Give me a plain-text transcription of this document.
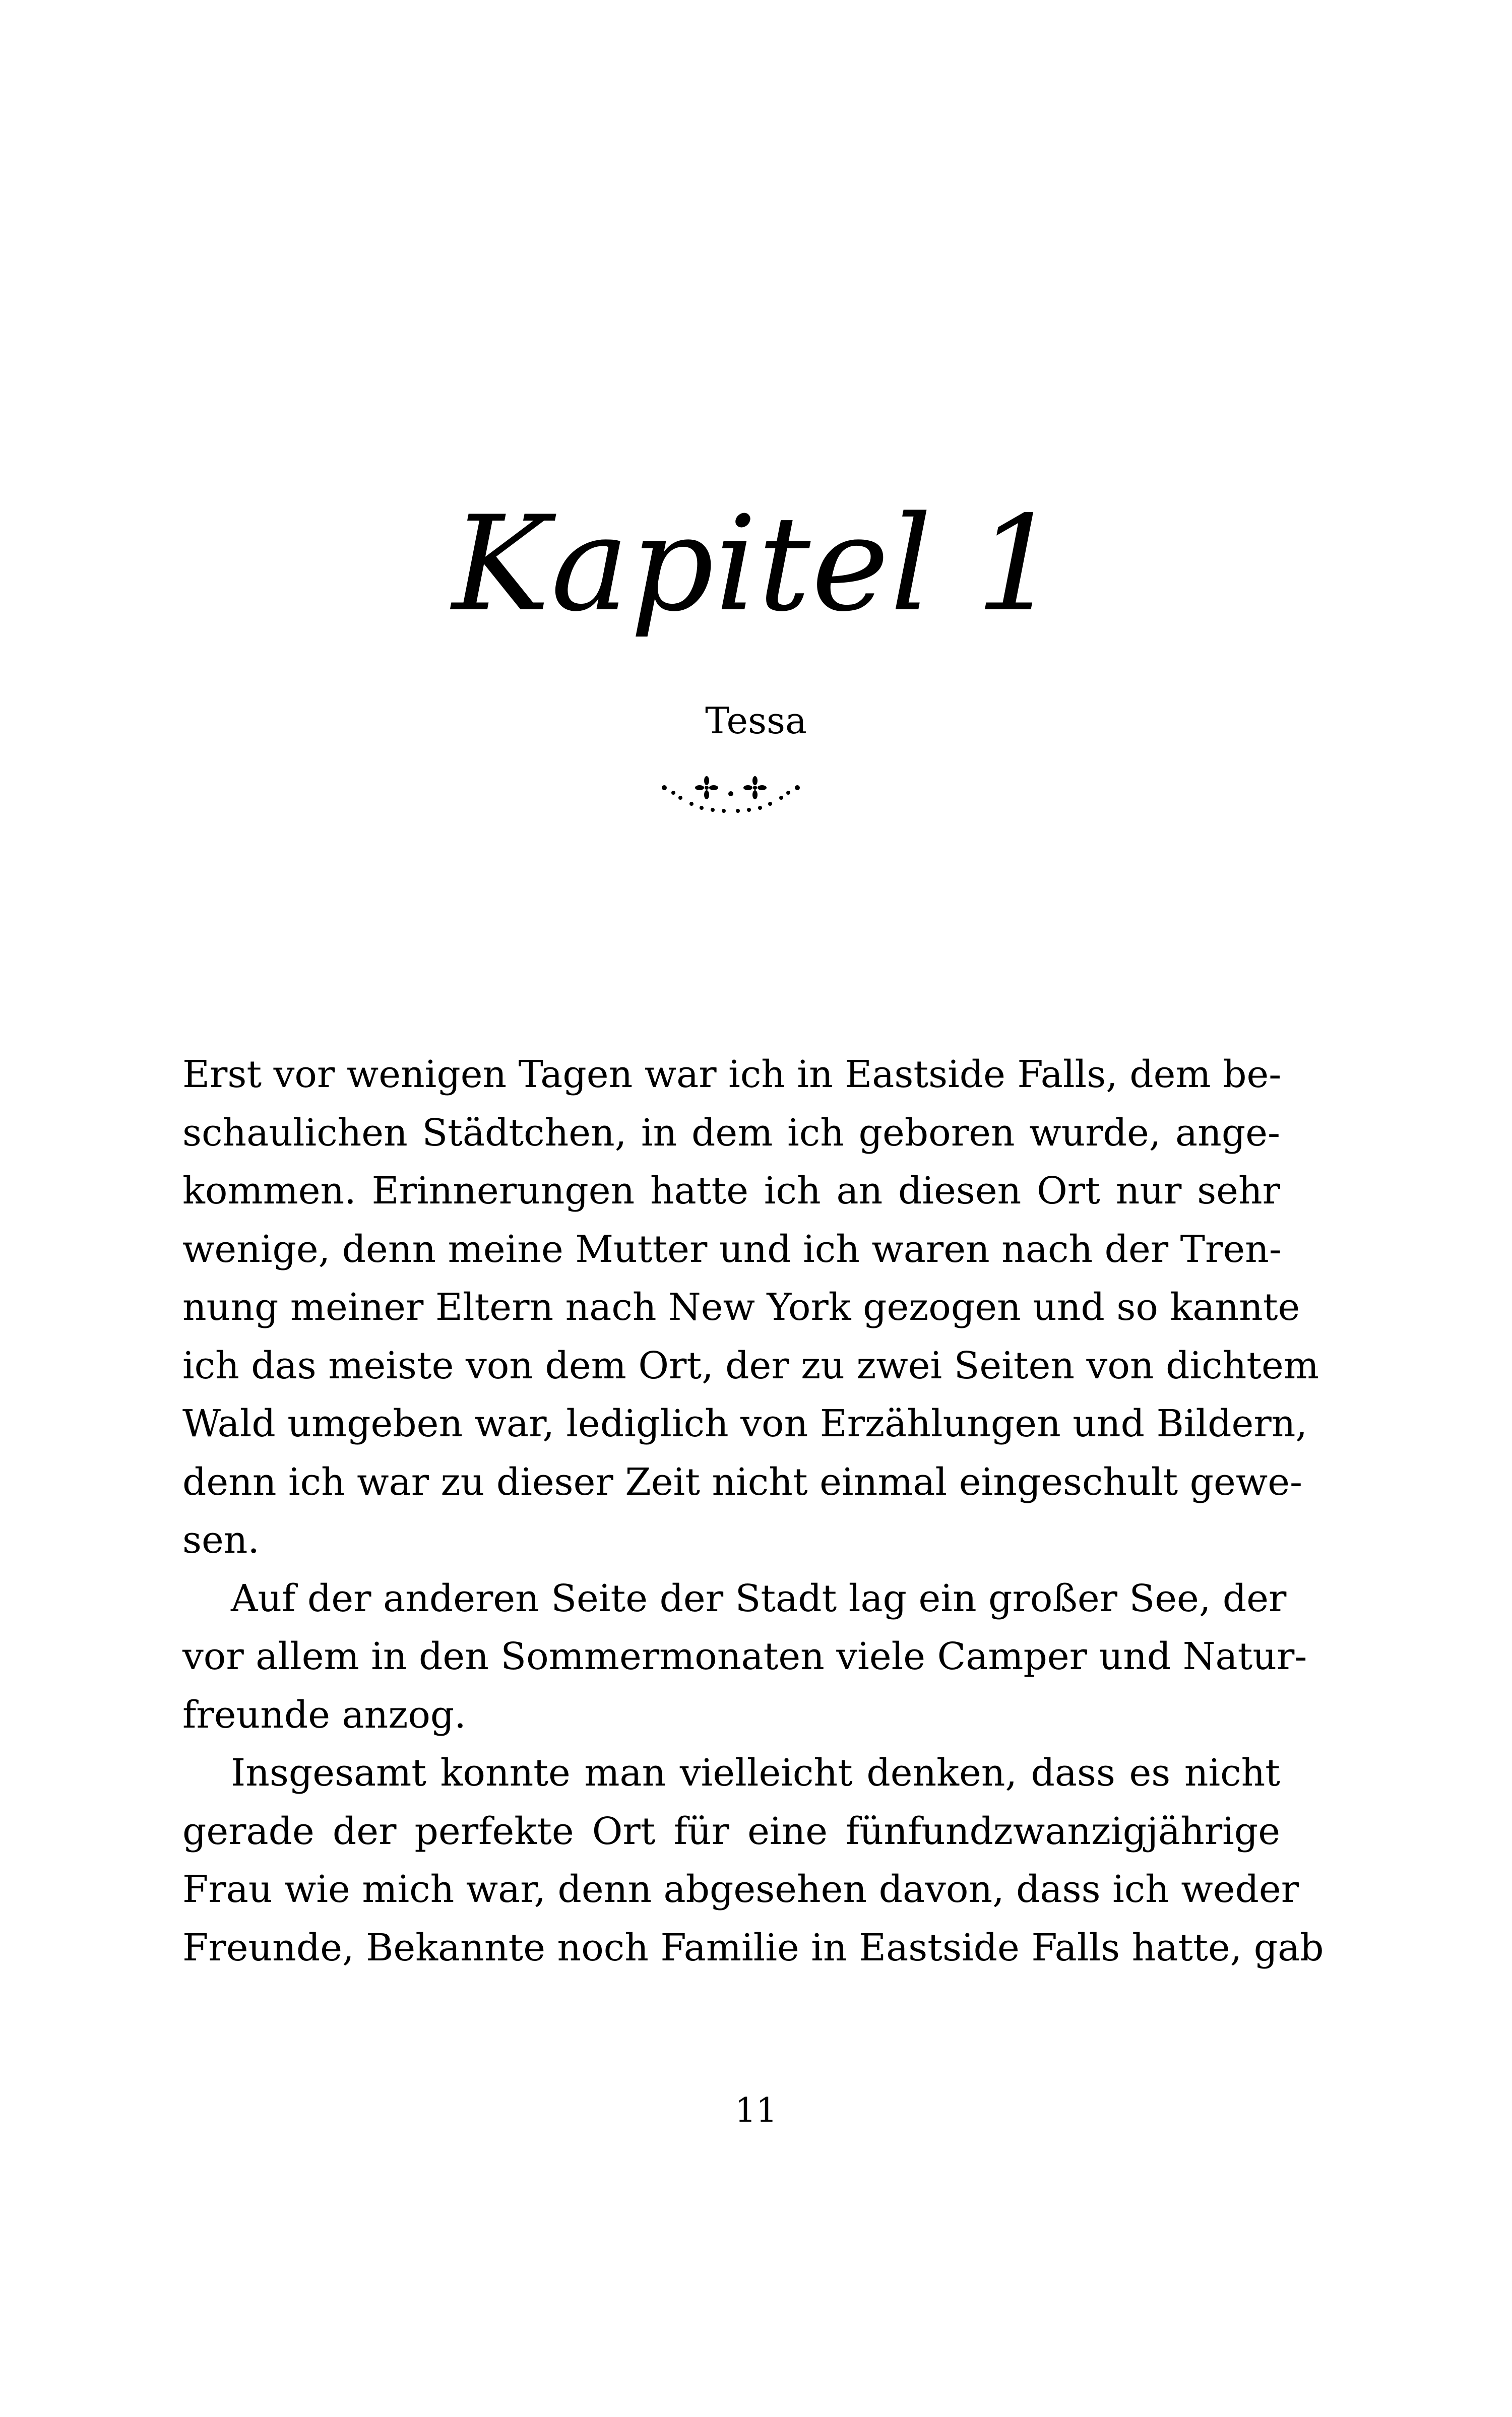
Kapitel 1
Tessa
Erst vor wenigen Tagen war ich in Eastside Falls, dem be-
schaulichen Städtchen, in dem ich geboren wurde, ange-
kommen. Erinnerungen hatte ich an diesen Ort nur sehr
wenige, denn meine Mutter und ich waren nach der Tren-
nung meiner Eltern nach New York gezogen und so kannte
ich das meiste von dem Ort, der zu zwei Seiten von dichtem
Wald umgeben war, lediglich von Erzählungen und Bildern,
denn ich war zu dieser Zeit nicht einmal eingeschult gewe-
sen.
Auf der anderen Seite der Stadt lag ein großer See, der
vor allem in den Sommermonaten viele Camper und Natur-
freunde anzog.
Insgesamt konnte man vielleicht denken, dass es nicht
gerade der perfekte Ort für eine fünfundzwanzigjährige
Frau wie mich war, denn abgesehen davon, dass ich weder
Freunde, Bekannte noch Familie in Eastside Falls hatte, gab
11
